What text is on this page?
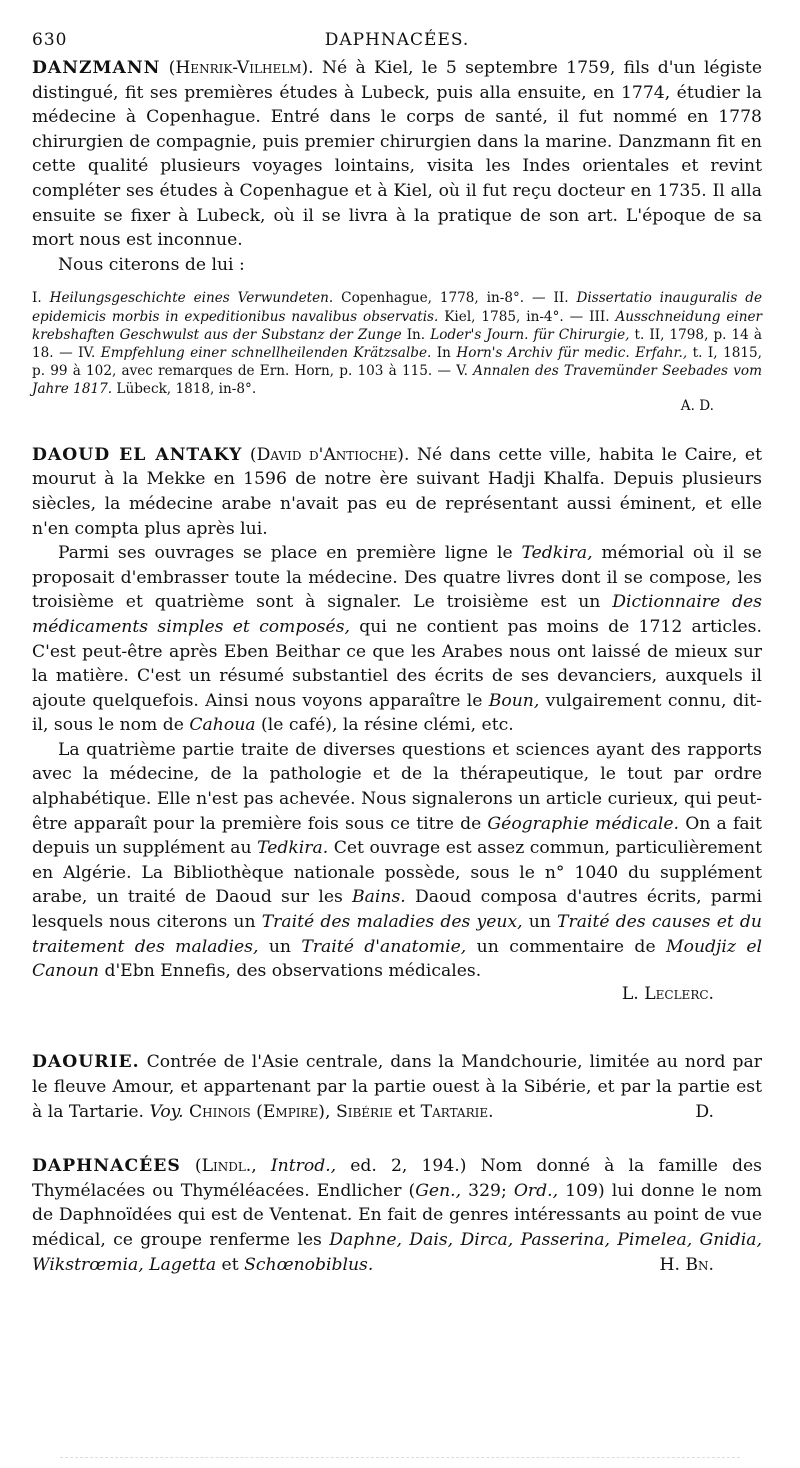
630	DAPHNACÉES.

DANZMANN (Henrik-Vilhelm). Né à Kiel, le 5 septembre 1759, fils d'un légiste distingué, fit ses premières études à Lubeck, puis alla ensuite, en 1774, étudier la médecine à Copenhague. Entré dans le corps de santé, il fut nommé en 1778 chirurgien de compagnie, puis premier chirurgien dans la marine. Danzmann fit en cette qualité plusieurs voyages lointains, visita les Indes orientales et revint compléter ses études à Copenhague et à Kiel, où il fut reçu docteur en 1735. Il alla ensuite se fixer à Lubeck, où il se livra à la pratique de son art. L'époque de sa mort nous est inconnue.

Nous citerons de lui :

I. Heilungsgeschichte eines Verwundeten. Copenhague, 1778, in-8°. — II. Dissertatio inauguralis de epidemicis morbis in expeditionibus navalibus observatis. Kiel, 1785, in-4°. — III. Ausschneidung einer krebshaften Geschwulst aus der Substanz der Zunge In. Loder's Journ. für Chirurgie, t. II, 1798, p. 14 à 18. — IV. Empfehlung einer schnellheilenden Krätzsalbe. In Horn's Archiv für medic. Erfahr., t. I, 1815, p. 99 à 102, avec remarques de Ern. Horn, p. 103 à 115. — V. Annalen des Travemünder Seebades vom Jahre 1817. Lübeck, 1818, in-8°.
A. D.

DAOUD EL ANTAKY (David d'Antioche). Né dans cette ville, habita le Caire, et mourut à la Mekke en 1596 de notre ère suivant Hadji Khalfa. Depuis plusieurs siècles, la médecine arabe n'avait pas eu de représentant aussi éminent, et elle n'en compta plus après lui.

Parmi ses ouvrages se place en première ligne le Tedkira, mémorial où il se proposait d'embrasser toute la médecine. Des quatre livres dont il se compose, les troisième et quatrième sont à signaler. Le troisième est un Dictionnaire des médicaments simples et composés, qui ne contient pas moins de 1712 articles. C'est peut-être après Eben Beithar ce que les Arabes nous ont laissé de mieux sur la matière. C'est un résumé substantiel des écrits de ses devanciers, auxquels il ajoute quelquefois. Ainsi nous voyons apparaître le Boun, vulgairement connu, dit-il, sous le nom de Cahoua (le café), la résine clémi, etc.

La quatrième partie traite de diverses questions et sciences ayant des rapports avec la médecine, de la pathologie et de la thérapeutique, le tout par ordre alphabétique. Elle n'est pas achevée. Nous signalerons un article curieux, qui peut-être apparaît pour la première fois sous ce titre de Géographie médicale. On a fait depuis un supplément au Tedkira. Cet ouvrage est assez commun, particulièrement en Algérie. La Bibliothèque nationale possède, sous le n° 1040 du supplément arabe, un traité de Daoud sur les Bains. Daoud composa d'autres écrits, parmi lesquels nous citerons un Traité des maladies des yeux, un Traité des causes et du traitement des maladies, un Traité d'anatomie, un commentaire de Moudjiz el Canoun d'Ebn Ennefis, des observations médicales.

L. Leclerc.

DAOURIE. Contrée de l'Asie centrale, dans la Mandchourie, limitée au nord par le fleuve Amour, et appartenant par la partie ouest à la Sibérie, et par la partie est à la Tartarie. Voy. Chinois (Empire), Sibérie et Tartarie.	D.

DAPHNACÉES (Lindl., Introd., ed. 2, 194.) Nom donné à la famille des Thymélacées ou Thyméléacées. Endlicher (Gen., 329; Ord., 109) lui donne le nom de Daphnoïdées qui est de Ventenat. En fait de genres intéressants au point de vue médical, ce groupe renferme les Daphne, Dais, Dirca, Passerina, Pimelea, Gnidia, Wikstrœmia, Lagetta et Schœnobiblus.	H. Bn.
